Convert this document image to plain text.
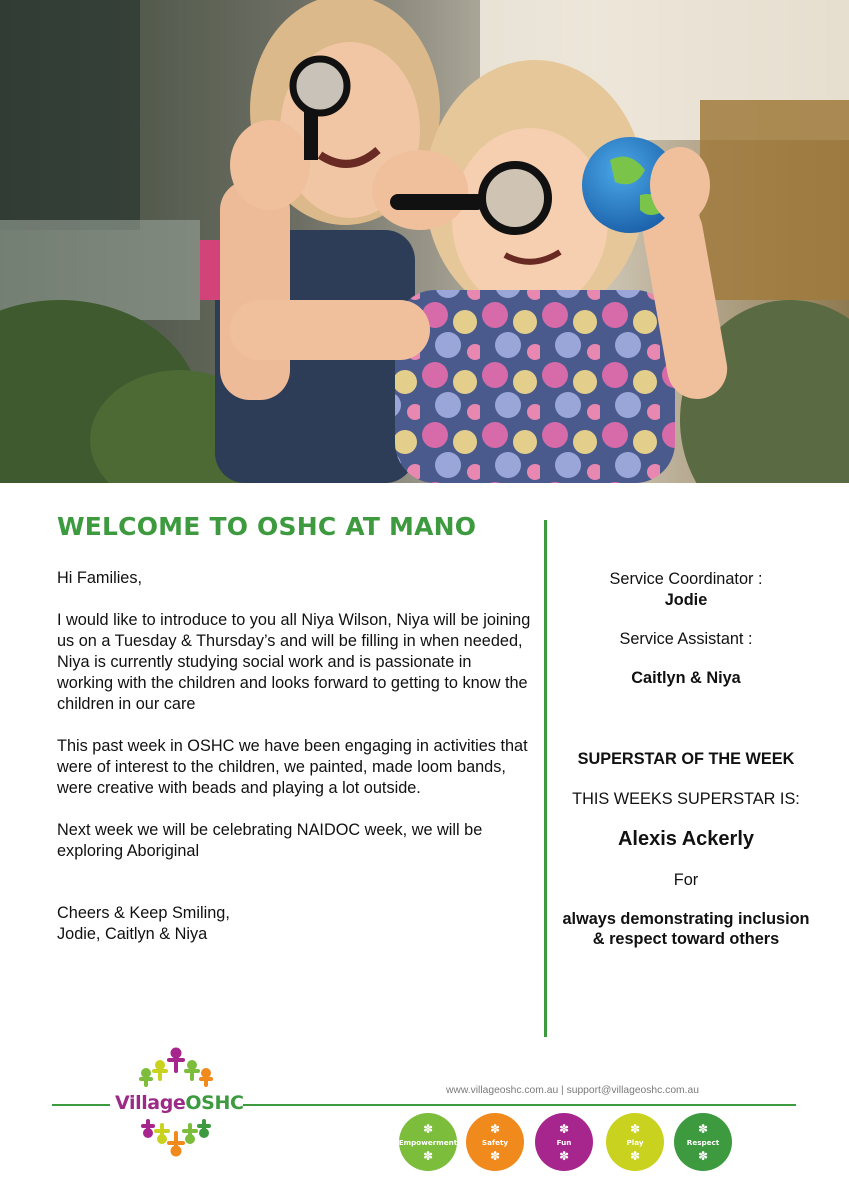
WELCOME TO OSHC AT MANO

Hi Families,

I would like to introduce to you all Niya Wilson, Niya will be joining us on a Tuesday & Thursday’s and will be filling in when needed, Niya is currently studying social work and is passionate in working with the children and looks forward to getting to know the children in our care

This past week in OSHC we have been engaging in activities that were of interest to the children, we painted, made loom bands, were creative with beads and playing a lot outside.

Next week we will be celebrating NAIDOC week, we will be exploring Aboriginal

Cheers & Keep Smiling,

Jodie, Caitlyn & Niya

Service Coordinator :
Jodie
Service Assistant :
Caitlyn & Niya
SUPERSTAR OF THE WEEK
THIS WEEKS SUPERSTAR IS:
Alexis Ackerly
For
always demonstrating inclusion
& respect toward others
VillageOSHC
www.villageoshc.com.au | support@villageoshc.com.au
✽
Empowerment
✽
✽
Safety
✽
✽
Fun
✽
✽
Play
✽
✽
Respect
✽
